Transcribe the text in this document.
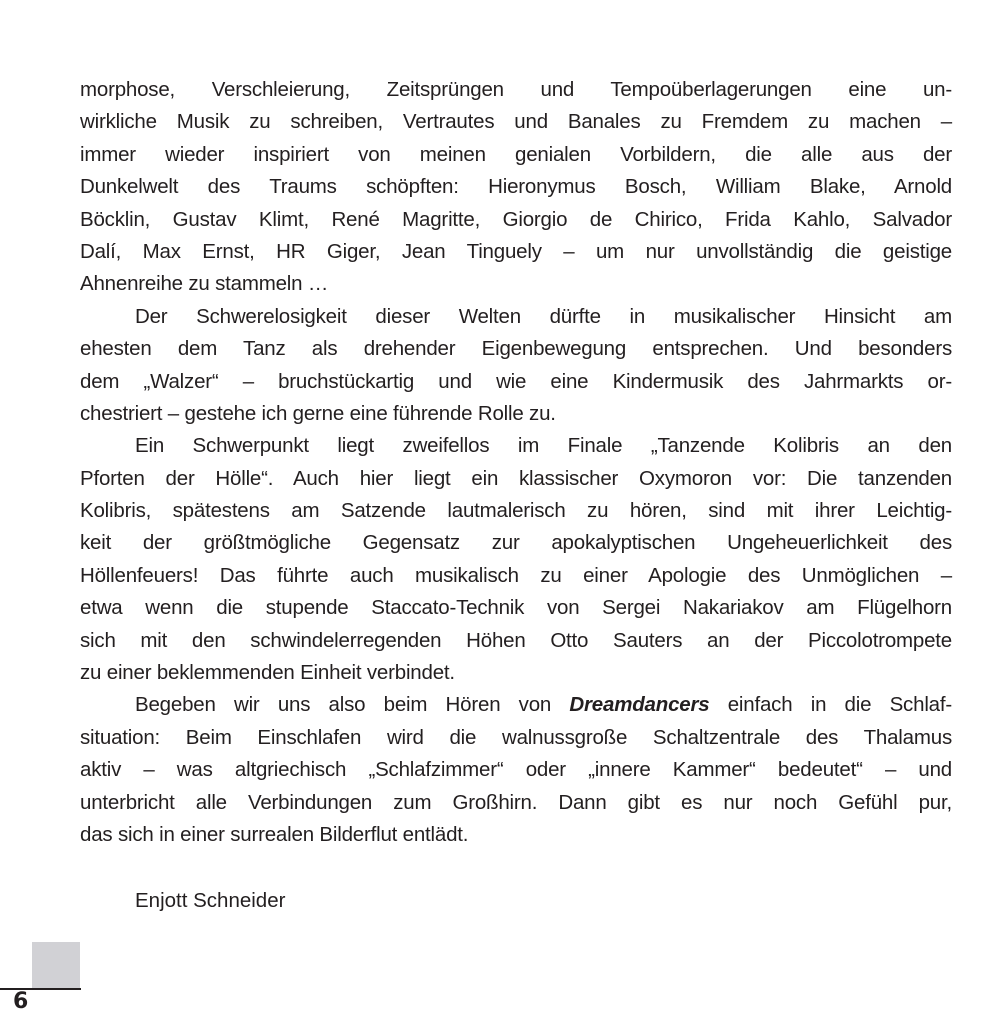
morphose, Verschleierung, Zeitsprüngen und Tempoüberlagerungen eine un-
wirkliche Musik zu schreiben, Vertrautes und Banales zu Fremdem zu machen –
immer wieder inspiriert von meinen genialen Vorbildern, die alle aus der
Dunkelwelt des Traums schöpften: Hieronymus Bosch, William Blake, Arnold
Böcklin, Gustav Klimt, René Magritte, Giorgio de Chirico, Frida Kahlo, Salvador
Dalí, Max Ernst, HR Giger, Jean Tinguely – um nur unvollständig die geistige
Ahnenreihe zu stammeln …
Der Schwerelosigkeit dieser Welten dürfte in musikalischer Hinsicht am
ehesten dem Tanz als drehender Eigenbewegung entsprechen. Und besonders
dem „Walzer“ – bruchstückartig und wie eine Kindermusik des Jahrmarkts or-
chestriert – gestehe ich gerne eine führende Rolle zu.
Ein Schwerpunkt liegt zweifellos im Finale „Tanzende Kolibris an den
Pforten der Hölle“. Auch hier liegt ein klassischer Oxymoron vor: Die tanzenden
Kolibris, spätestens am Satzende lautmalerisch zu hören, sind mit ihrer Leichtig-
keit der größtmögliche Gegensatz zur apokalyptischen Ungeheuerlichkeit des
Höllenfeuers! Das führte auch musikalisch zu einer Apologie des Unmöglichen –
etwa wenn die stupende Staccato-Technik von Sergei Nakariakov am Flügelhorn
sich mit den schwindelerregenden Höhen Otto Sauters an der Piccolotrompete
zu einer beklemmenden Einheit verbindet.
Begeben wir uns also beim Hören von Dreamdancers einfach in die Schlaf-
situation: Beim Einschlafen wird die walnussgroße Schaltzentrale des Thalamus
aktiv – was altgriechisch „Schlafzimmer“ oder „innere Kammer“ bedeutet“ – und
unterbricht alle Verbindungen zum Großhirn. Dann gibt es nur noch Gefühl pur,
das sich in einer surrealen Bilderflut entlädt.
Enjott Schneider
6
